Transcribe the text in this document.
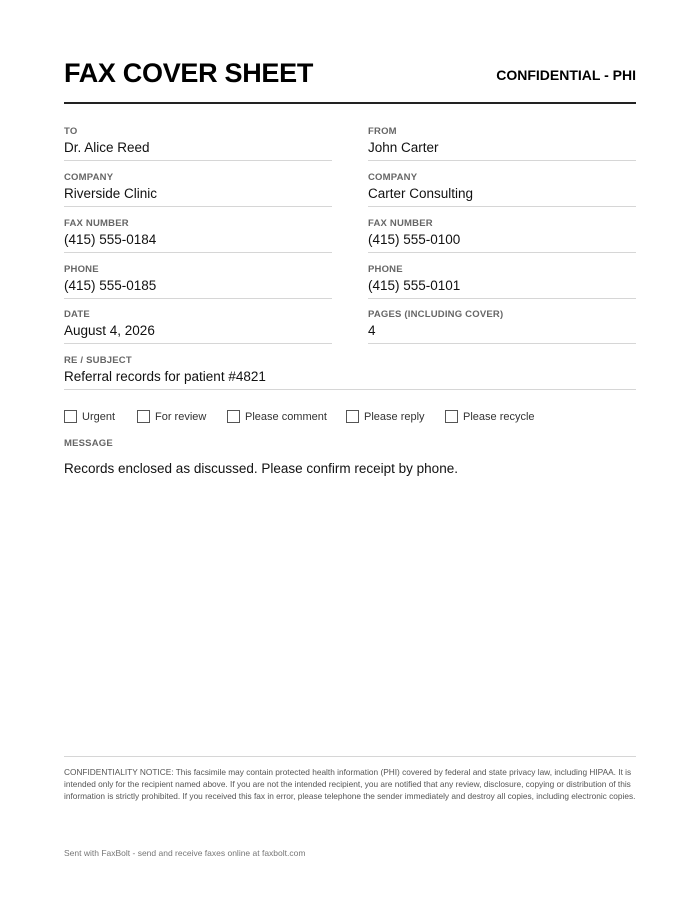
FAX COVER SHEET	CONFIDENTIAL - PHI
TO
Dr. Alice Reed
FROM
John Carter
COMPANY
Riverside Clinic
COMPANY
Carter Consulting
FAX NUMBER
(415) 555-0184
FAX NUMBER
(415) 555-0100
PHONE
(415) 555-0185
PHONE
(415) 555-0101
DATE
August 4, 2026
PAGES (INCLUDING COVER)
4
RE / SUBJECT
Referral records for patient #4821
Urgent	For review	Please comment	Please reply	Please recycle
MESSAGE
Records enclosed as discussed. Please confirm receipt by phone.
CONFIDENTIALITY NOTICE: This facsimile may contain protected health information (PHI) covered by federal and state privacy law, including HIPAA. It is intended only for the recipient named above. If you are not the intended recipient, you are notified that any review, disclosure, copying or distribution of this information is strictly prohibited. If you received this fax in error, please telephone the sender immediately and destroy all copies, including electronic copies.
Sent with FaxBolt - send and receive faxes online at faxbolt.com
